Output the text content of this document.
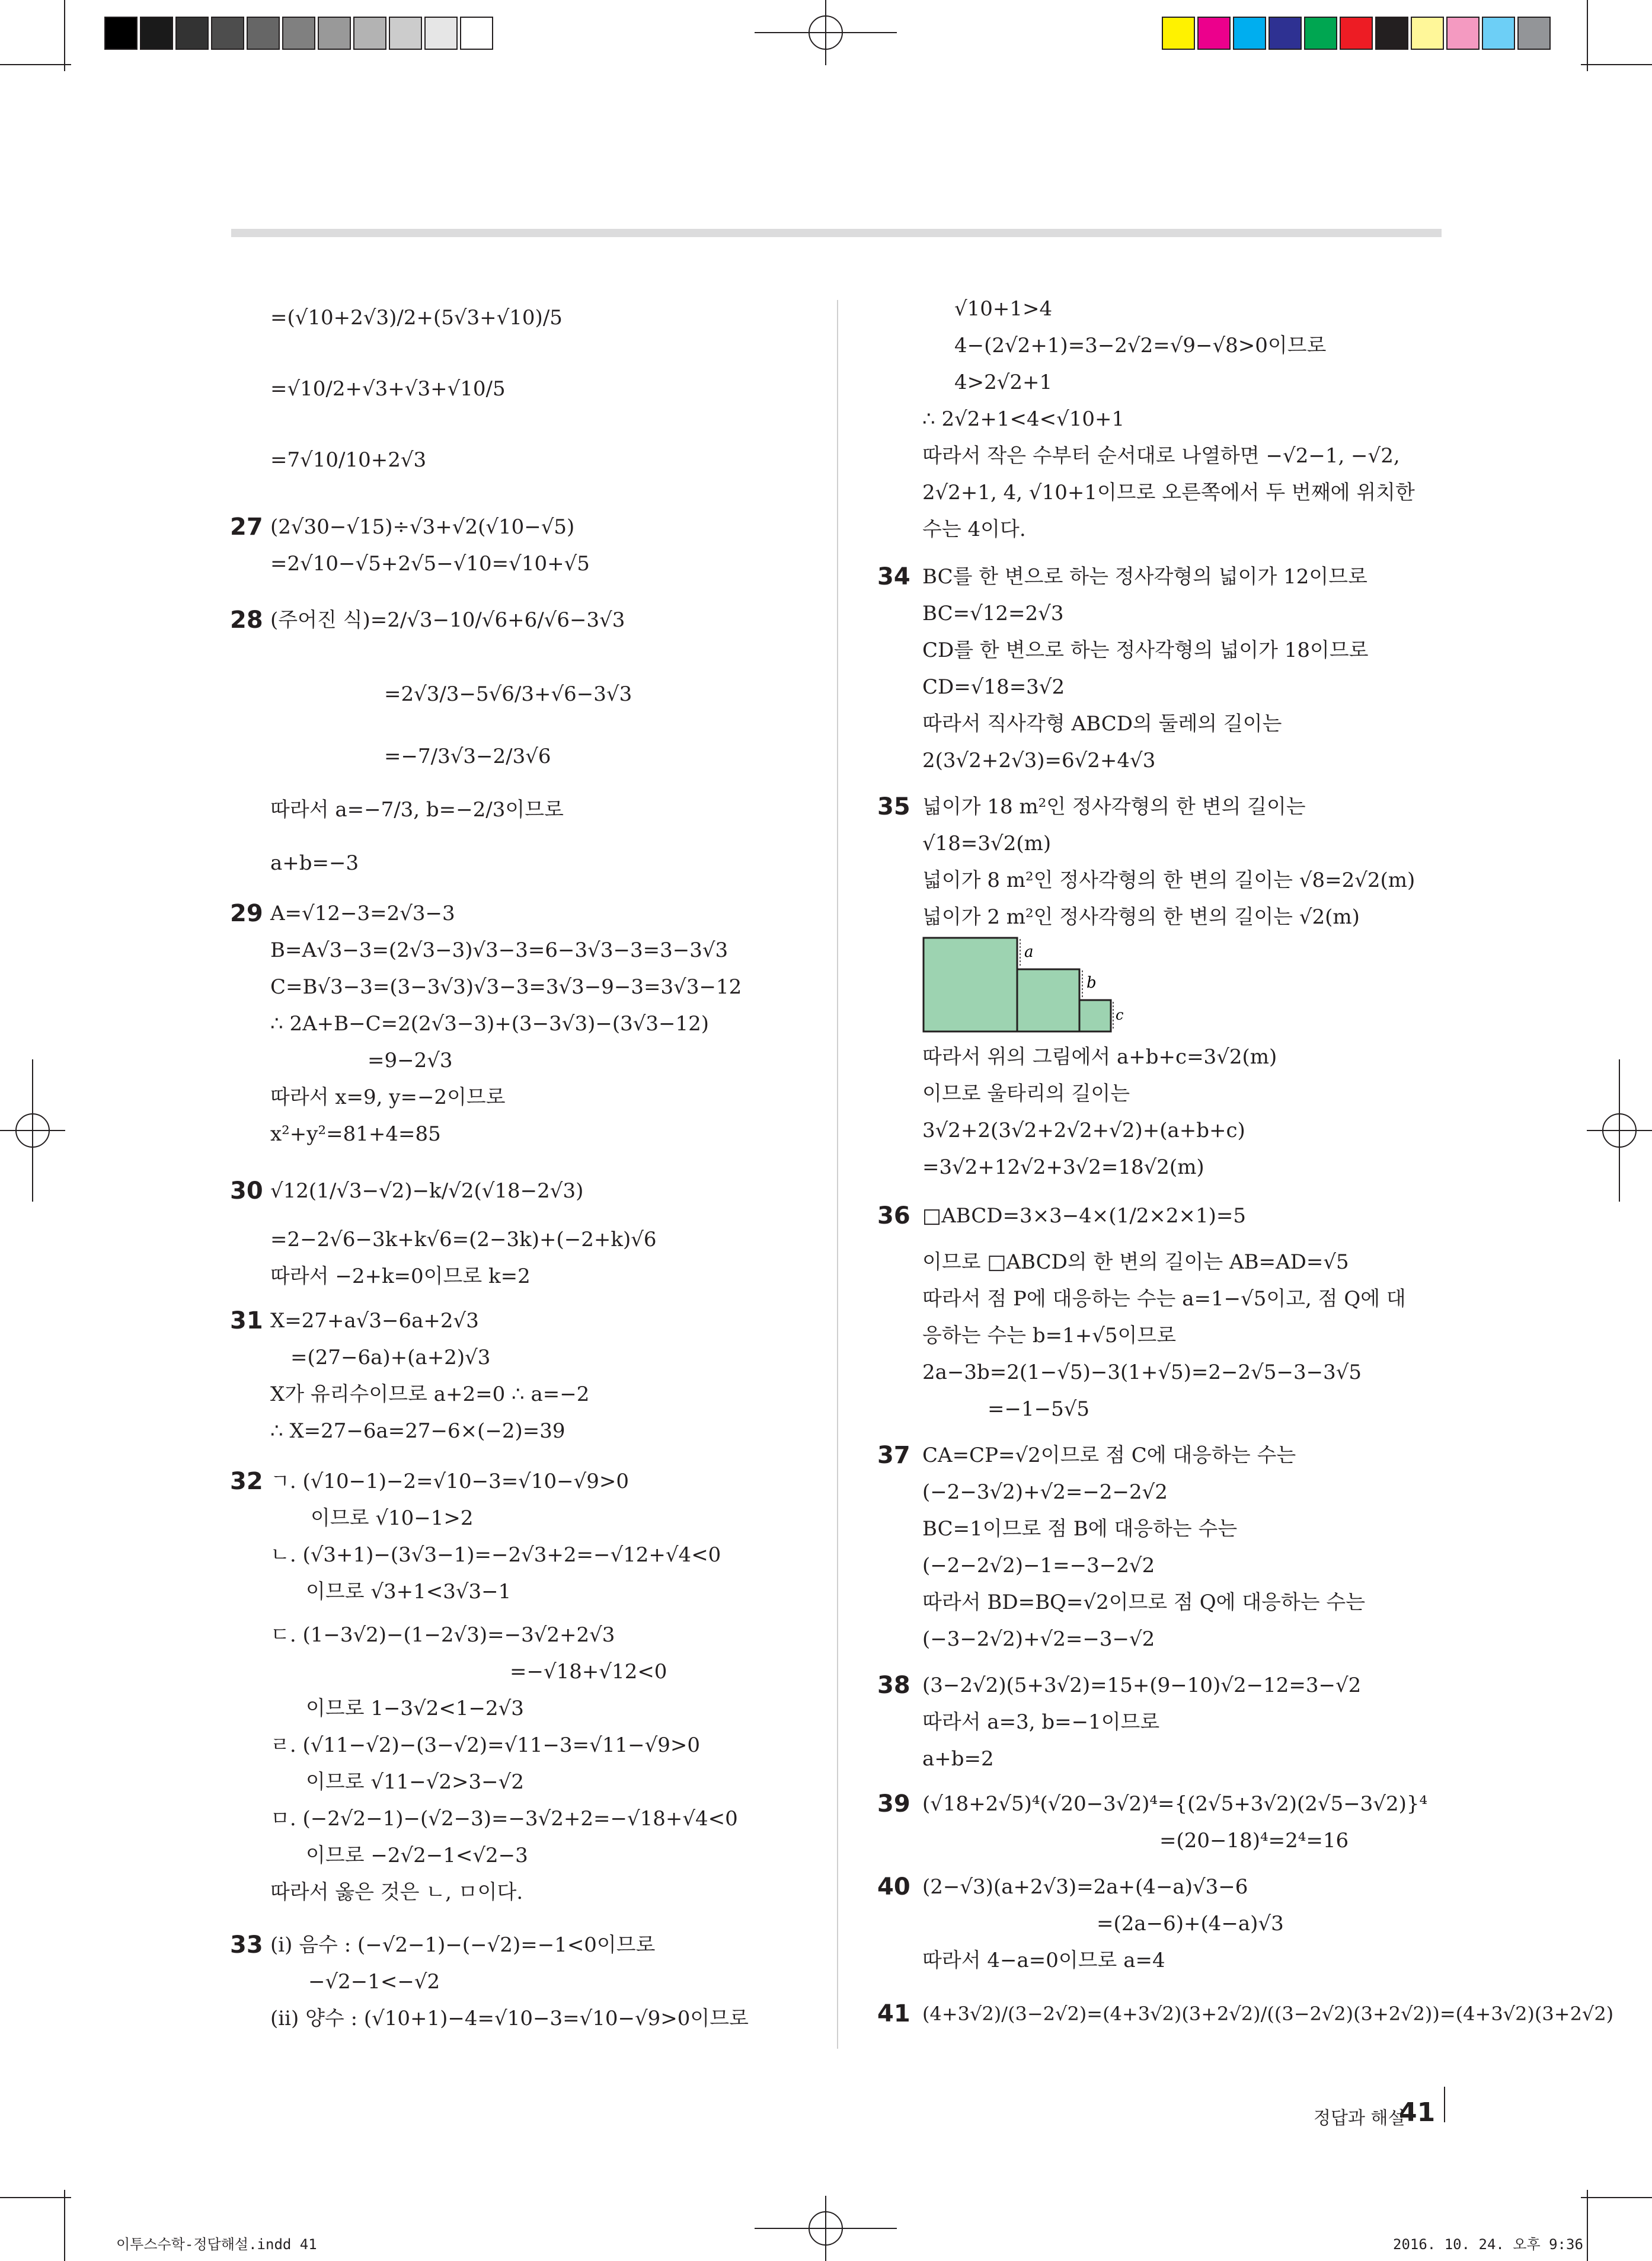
=(√10+2√3)/2+(5√3+√10)/5
=√10/2+√3+√3+√10/5
=7√10/10+2√3
27 (2√30−√15)÷√3+√2(√10−√5)
=2√10−√5+2√5−√10=√10+√5
28 (주어진 식)=2/√3−10/√6+6/√6−3√3
=2√3/3−5√6/3+√6−3√3
=−7/3√3−2/3√6
따라서 a=−7/3, b=−2/3이므로
a+b=−3
29 A=√12−3=2√3−3
B=A√3−3=(2√3−3)√3−3=6−3√3−3=3−3√3
C=B√3−3=(3−3√3)√3−3=3√3−9−3=3√3−12
∴ 2A+B−C=2(2√3−3)+(3−3√3)−(3√3−12)
=9−2√3
따라서 x=9, y=−2이므로
x²+y²=81+4=85
30 √12(1/√3−√2)−k/√2(√18−2√3)
=2−2√6−3k+k√6=(2−3k)+(−2+k)√6
따라서 −2+k=0이므로 k=2
31 X=27+a√3−6a+2√3
=(27−6a)+(a+2)√3
X가 유리수이므로 a+2=0 ∴ a=−2
∴ X=27−6a=27−6×(−2)=39
32 ㄱ. (√10−1)−2=√10−3=√10−√9>0
이므로 √10−1>2
ㄴ. (√3+1)−(3√3−1)=−2√3+2=−√12+√4<0
이므로 √3+1<3√3−1
ㄷ. (1−3√2)−(1−2√3)=−3√2+2√3
=−√18+√12<0
이므로 1−3√2<1−2√3
ㄹ. (√11−√2)−(3−√2)=√11−3=√11−√9>0
이므로 √11−√2>3−√2
ㅁ. (−2√2−1)−(√2−3)=−3√2+2=−√18+√4<0
이므로 −2√2−1<√2−3
따라서 옳은 것은 ㄴ, ㅁ이다.
33 (i) 음수 : (−√2−1)−(−√2)=−1<0이므로
−√2−1<−√2
(ii) 양수 : (√10+1)−4=√10−3=√10−√9>0이므로
√10+1>4
4−(2√2+1)=3−2√2=√9−√8>0이므로
4>2√2+1
∴ 2√2+1<4<√10+1
따라서 작은 수부터 순서대로 나열하면 −√2−1, −√2,
2√2+1, 4, √10+1이므로 오른쪽에서 두 번째에 위치한
수는 4이다.
34 BC를 한 변으로 하는 정사각형의 넓이가 12이므로
BC=√12=2√3
CD를 한 변으로 하는 정사각형의 넓이가 18이므로
CD=√18=3√2
따라서 직사각형 ABCD의 둘레의 길이는
2(3√2+2√3)=6√2+4√3
35 넓이가 18 m²인 정사각형의 한 변의 길이는
√18=3√2(m)
넓이가 8 m²인 정사각형의 한 변의 길이는 √8=2√2(m)
넓이가 2 m²인 정사각형의 한 변의 길이는 √2(m)
a
b
c
따라서 위의 그림에서 a+b+c=3√2(m)
이므로 울타리의 길이는
3√2+2(3√2+2√2+√2)+(a+b+c)
=3√2+12√2+3√2=18√2(m)
36 □ABCD=3×3−4×(1/2×2×1)=5
이므로 □ABCD의 한 변의 길이는 AB=AD=√5
따라서 점 P에 대응하는 수는 a=1−√5이고, 점 Q에 대
응하는 수는 b=1+√5이므로
2a−3b=2(1−√5)−3(1+√5)=2−2√5−3−3√5
=−1−5√5
37 CA=CP=√2이므로 점 C에 대응하는 수는
(−2−3√2)+√2=−2−2√2
BC=1이므로 점 B에 대응하는 수는
(−2−2√2)−1=−3−2√2
따라서 BD=BQ=√2이므로 점 Q에 대응하는 수는
(−3−2√2)+√2=−3−√2
38 (3−2√2)(5+3√2)=15+(9−10)√2−12=3−√2
따라서 a=3, b=−1이므로
a+b=2
39 (√18+2√5)⁴(√20−3√2)⁴={(2√5+3√2)(2√5−3√2)}⁴
=(20−18)⁴=2⁴=16
40 (2−√3)(a+2√3)=2a+(4−a)√3−6
=(2a−6)+(4−a)√3
따라서 4−a=0이므로 a=4
41 (4+3√2)/(3−2√2)=(4+3√2)(3+2√2)/((3−2√2)(3+2√2))=(4+3√2)(3+2√2)
정답과 해설
41
이투스수학-정답해설.indd 41	2016. 10. 24. 오후 9:36
